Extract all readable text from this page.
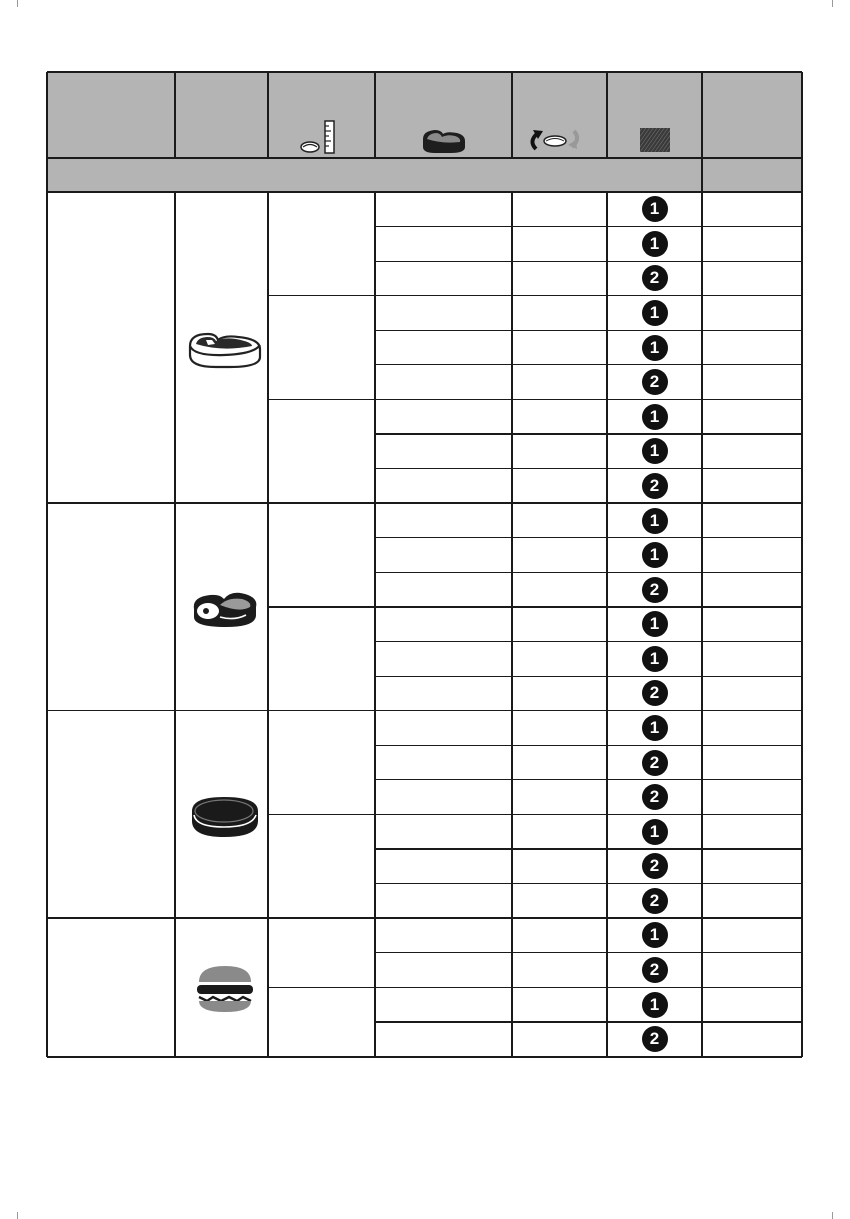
1
1
2
1
1
2
1
1
2
1
1
2
1
1
2
1
2
2
1
2
2
1
2
1
2
